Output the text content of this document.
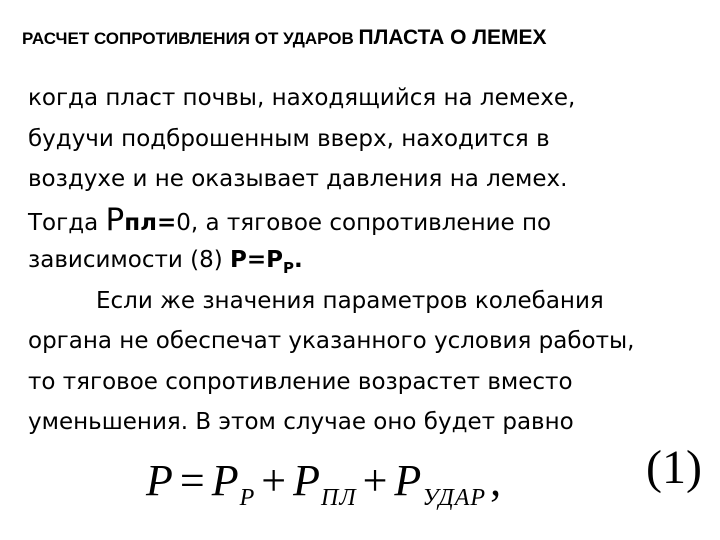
РАСЧЕТ СОПРОТИВЛЕНИЯ ОТ УДАРОВ ПЛАСТА О ЛЕМЕХ
когда пласт почвы, находящийся на лемехе,
будучи подброшенным вверх, находится в
воздухе и не оказывает давления на лемех.
Тогда Рпл=0, а тяговое сопротивление по
зависимости (8) $Р=Р_Р$.
Если же значения параметров колебания
органа не обеспечат указанного условия работы,
то тяговое сопротивление возрастет вместо
уменьшения. В этом случае оно будет равно
$P = P_Р + P_{ПЛ} + P_{УДАР}$,	(1)
